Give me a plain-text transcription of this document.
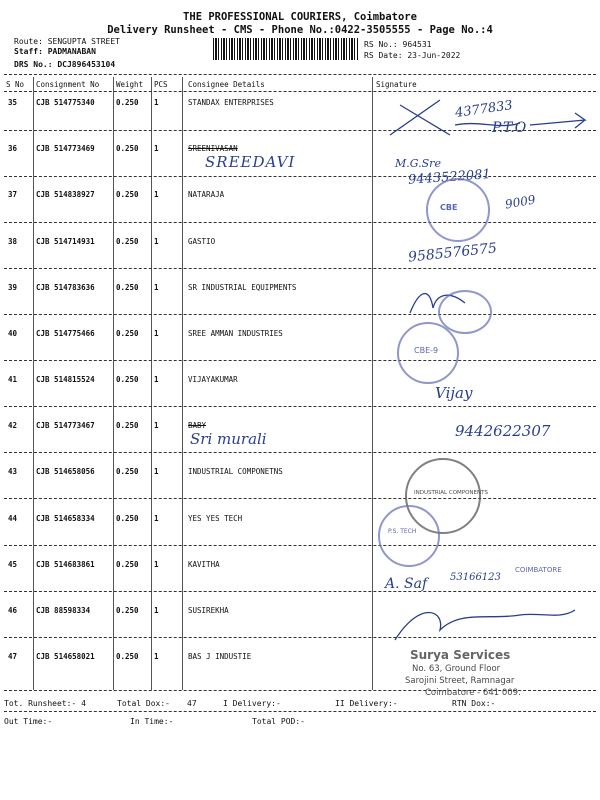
THE PROFESSIONAL COURIERS, Coimbatore
Delivery Runsheet - CMS - Phone No.:0422-3505555 - Page No.:4
Route: SENGUPTA STREET
Staff: PADMANABAN
DRS No.: DCJ896453104
RS No.: 964531
RS Date: 23-Jun-2022
S No Consignment No Weight PCS	Consignee Details	Signature
35	CJB 514775340	0.250 1	STANDAX ENTERPRISES
36	CJB 514773469	0.250 1	SREENIVASAN
37	CJB 514838927	0.250 1	NATARAJA
38	CJB 514714931	0.250 1	GASTIO
39	CJB 514783636	0.250 1	SR INDUSTRIAL EQUIPMENTS
40	CJB 514775466	0.250 1	SREE AMMAN INDUSTRIES
41	CJB 514815524	0.250 1	VIJAYAKUMAR
42	CJB 514773467	0.250 1	BABY
43	CJB 514658056	0.250 1	INDUSTRIAL COMPONETNS
44	CJB 514658334	0.250 1	YES YES TECH
45	CJB 514683861	0.250 1	KAVITHA
46	CJB 88598334	0.250 1	SUSIREKHA
47	CJB 514658021	0.250 1	BAS J INDUSTIE
4377833
P.T.O
SREEDAVI	M.G.Sre
9443522081
CBE	9009
9585576575
CBE-9
Vijay
Sri murali	9442622307
INDUSTRIAL COMPONENTS
P.S. TECH
COIMBATORE
A. Saf 53166123
Surya Services
No. 63, Ground Floor
Sarojini Street, Ramnagar
Coimbatore - 641 009.
Tot. Runsheet:- 4	Total Dox:- 47	I Delivery:-	II Delivery:-	RTN Dox:-
Out Time:-	In Time:-	Total POD:-
